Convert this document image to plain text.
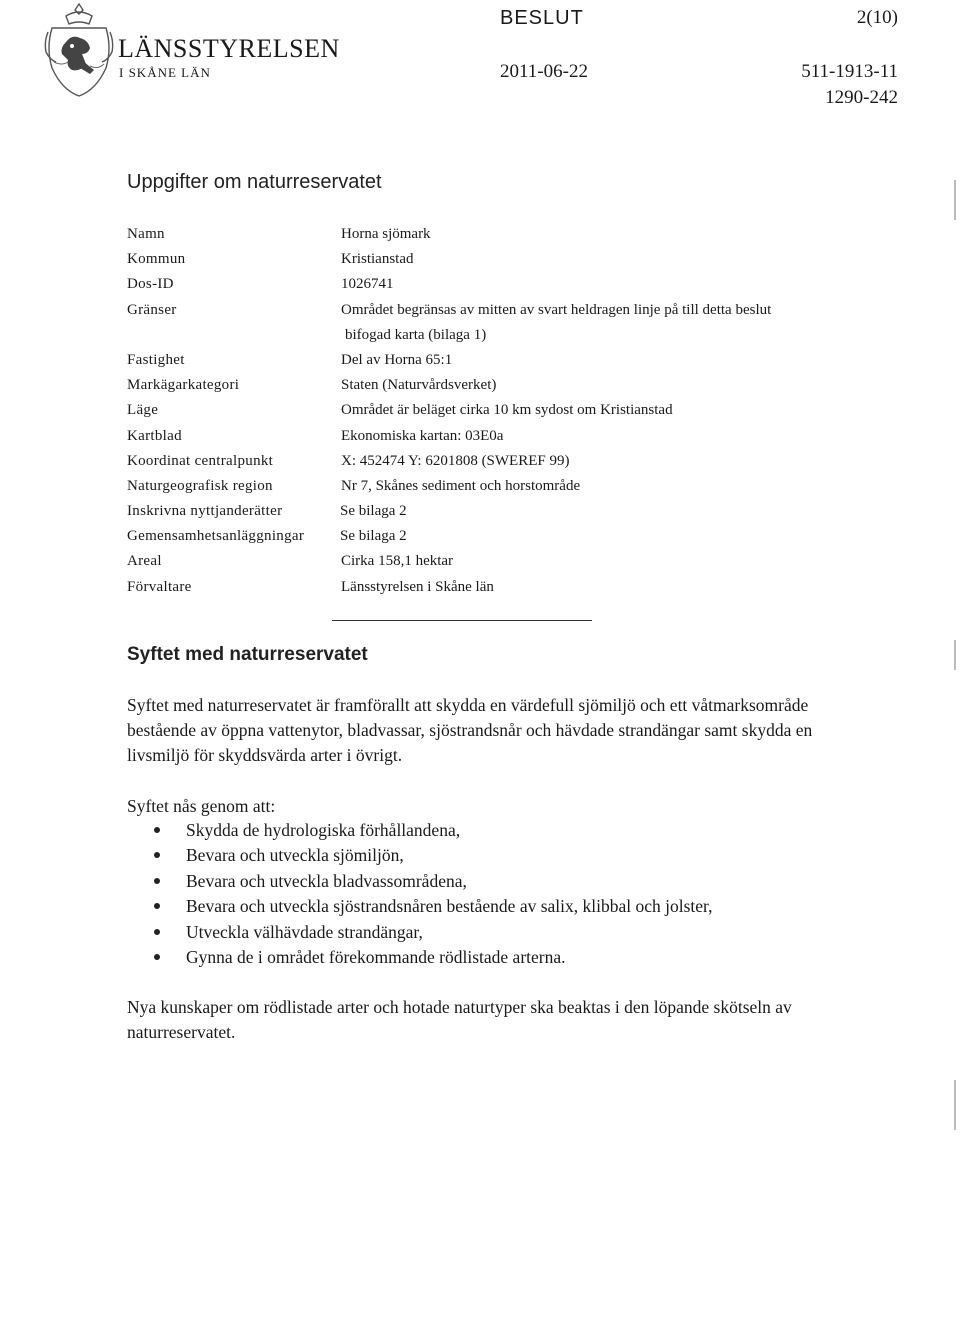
LÄNSSTYRELSEN
I SKÅNE LÄN
BESLUT	2(10)
2011-06-22	511-1913-11
1290-242
Uppgifter om naturreservatet
Namn	Horna sjömark
Kommun	Kristianstad
Dos-ID	1026741
Gränser	Området begränsas av mitten av svart heldragen linje på till detta beslut
bifogad karta (bilaga 1)
Fastighet	Del av Horna 65:1
Markägarkategori	Staten (Naturvårdsverket)
Läge	Området är beläget cirka 10 km sydost om Kristianstad
Kartblad	Ekonomiska kartan: 03E0a
Koordinat centralpunkt	X: 452474 Y: 6201808 (SWEREF 99)
Naturgeografisk region	Nr 7, Skånes sediment och horstområde
Inskrivna nyttjanderätter	Se bilaga 2
Gemensamhetsanläggningar Se bilaga 2
Areal	Cirka 158,1 hektar
Förvaltare	Länsstyrelsen i Skåne län
Syftet med naturreservatet
Syftet med naturreservatet är framförallt att skydda en värdefull sjömiljö och ett våtmarksområde bestående av öppna vattenytor, bladvassar, sjöstrandsnår och hävdade strandängar samt skydda en livsmiljö för skyddsvärda arter i övrigt.
Syftet nås genom att:
Skydda de hydrologiska förhållandena,
Bevara och utveckla sjömiljön,
Bevara och utveckla bladvassområdena,
Bevara och utveckla sjöstrandsnåren bestående av salix, klibbal och jolster,
Utveckla välhävdade strandängar,
Gynna de i området förekommande rödlistade arterna.
Nya kunskaper om rödlistade arter och hotade naturtyper ska beaktas i den löpande skötseln av naturreservatet.
